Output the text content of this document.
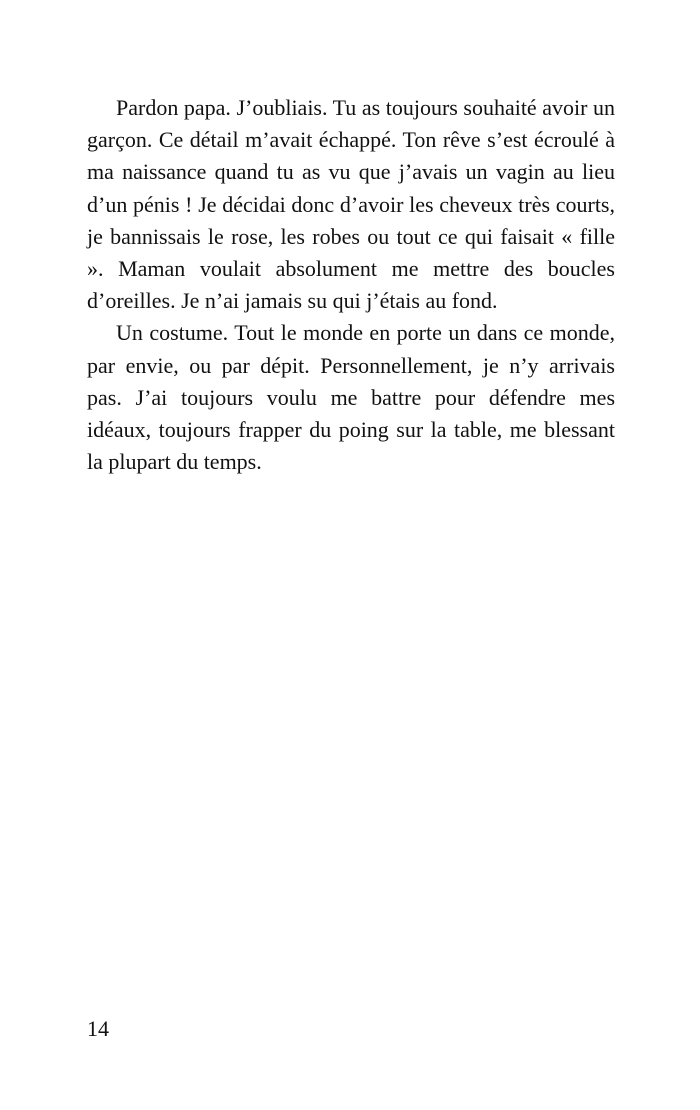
Pardon papa. J’oubliais. Tu as toujours souhaité avoir un garçon. Ce détail m’avait échappé. Ton rêve s’est écroulé à ma naissance quand tu as vu que j’avais un vagin au lieu d’un pénis ! Je décidai donc d’avoir les cheveux très courts, je bannissais le rose, les robes ou tout ce qui faisait « fille ». Maman voulait absolument me mettre des boucles d’oreilles. Je n’ai jamais su qui j’étais au fond.

Un costume. Tout le monde en porte un dans ce monde, par envie, ou par dépit. Personnellement, je n’y arrivais pas. J’ai toujours voulu me battre pour défendre mes idéaux, toujours frapper du poing sur la table, me blessant la plupart du temps.

14
